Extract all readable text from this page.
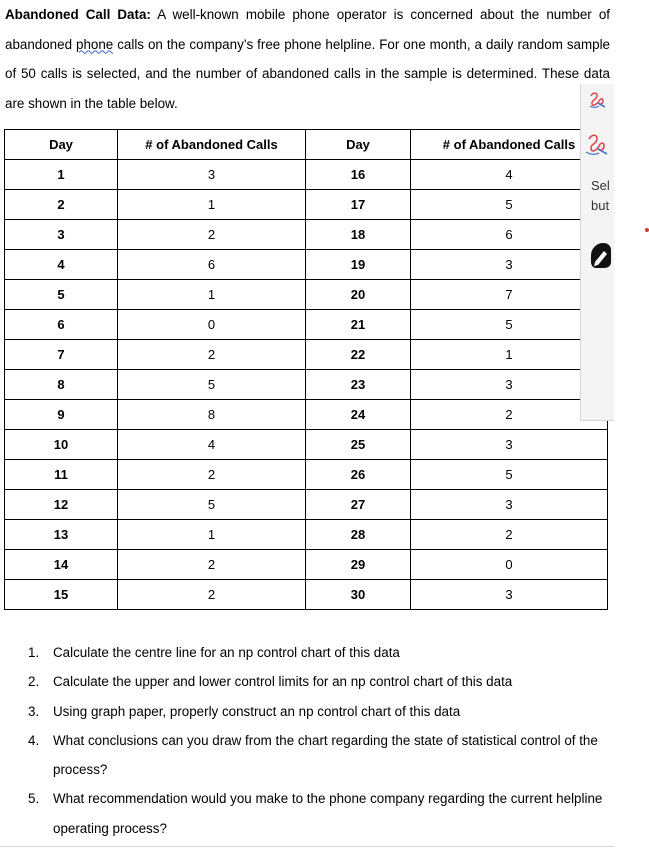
Abandoned Call Data: A well-known mobile phone operator is concerned about the number of abandoned phone calls on the company’s free phone helpline. For one month, a daily random sample of 50 calls is selected, and the number of abandoned calls in the sample is determined. These data are shown in the table below.
Day	# of Abandoned Calls	Day	# of Abandoned Calls
1	3	16	4
2	1	17	5
3	2	18	6
4	6	19	3
5	1	20	7
6	0	21	5
7	2	22	1
8	5	23	3
9	8	24	2
10	4	25	3
11	2	26	5
12	5	27	3
13	1	28	2
14	2	29	0
15	2	30	3
1. Calculate the centre line for an np control chart of this data
2. Calculate the upper and lower control limits for an np control chart of this data
3. Using graph paper, properly construct an np control chart of this data
4. What conclusions can you draw from the chart regarding the state of statistical control of the process?
5. What recommendation would you make to the phone company regarding the current helpline operating process?
Sel
but
